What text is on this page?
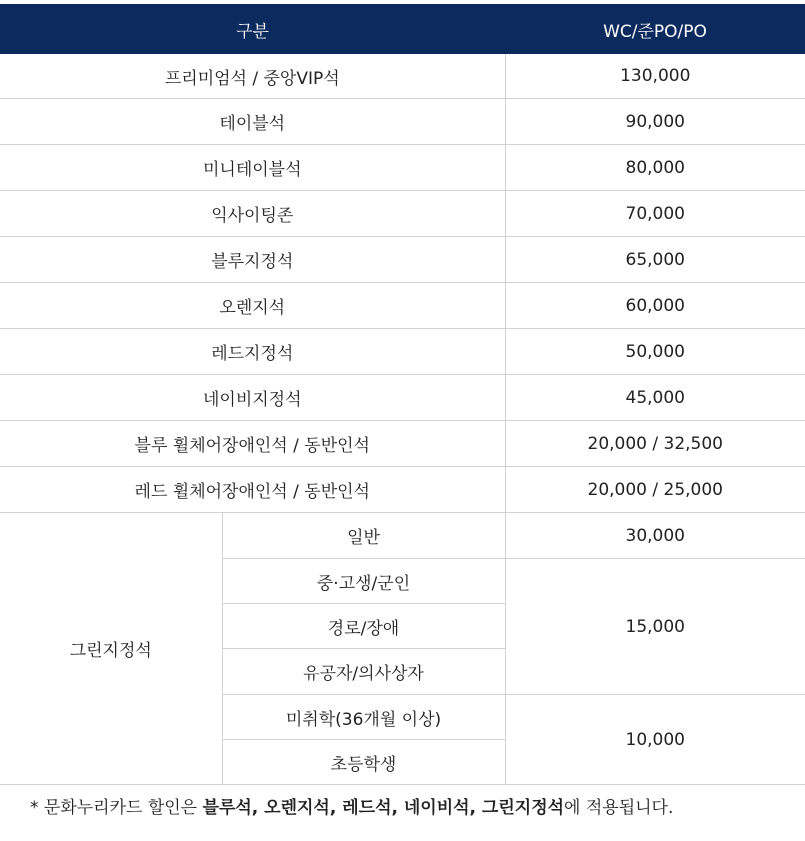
구분		WC/준PO/PO
프리미엄석 / 중앙VIP석		130,000
테이블석		90,000
미니테이블석		80,000
익사이팅존		70,000
블루지정석		65,000
오렌지석		60,000
레드지정석		50,000
네이비지정석		45,000
블루 휠체어장애인석 / 동반인석		20,000 / 32,500
레드 휠체어장애인석 / 동반인석		20,000 / 25,000
그린지정석	일반	30,000
	중·고생/군인	15,000
	경로/장애	
	유공자/의사상자	
	미취학(36개월 이상)	10,000
	초등학생	
* 문화누리카드 할인은 블루석, 오렌지석, 레드석, 네이비석, 그린지정석에 적용됩니다.
